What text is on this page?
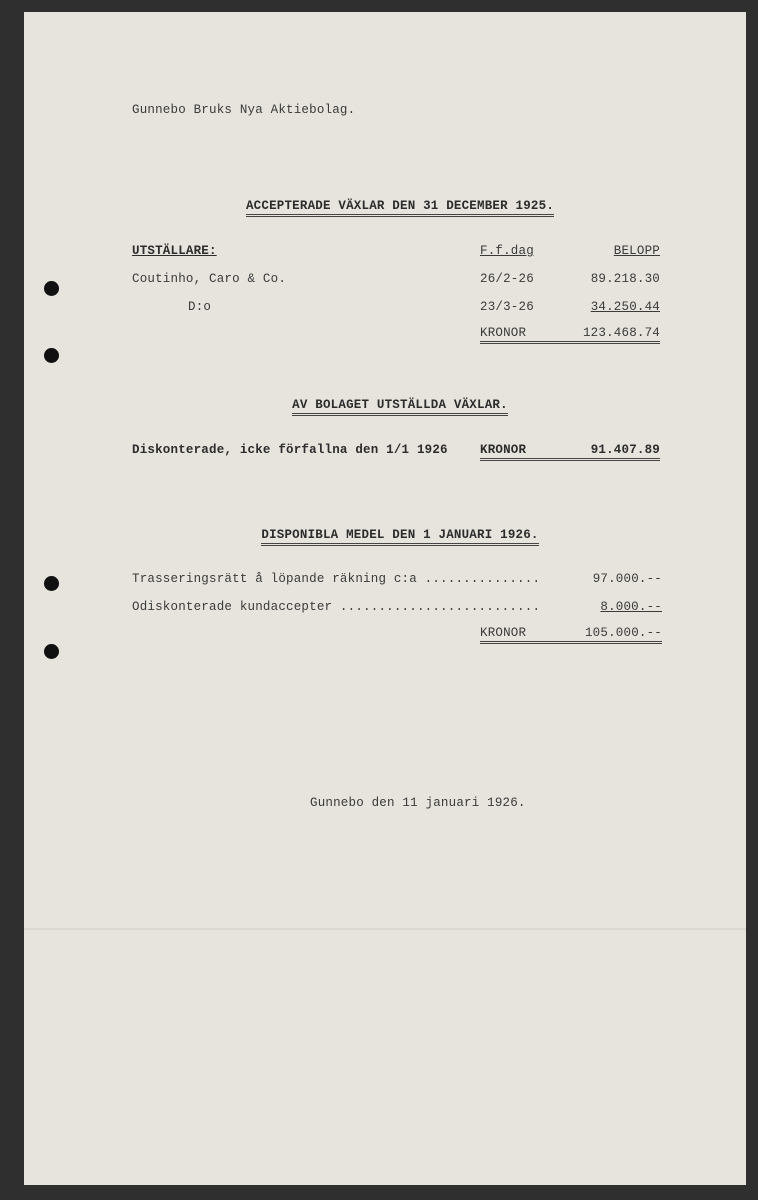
Gunnebo Bruks Nya Aktiebolag.
ACCEPTERADE VÄXLAR DEN 31 DECEMBER 1925.
UTSTÄLLARE:	F.f.dag	BELOPP
Coutinho, Caro & Co.	26/2-26	89.218.30
D:o	23/3-26	34.250.44
KRONOR	123.468.74
AV BOLAGET UTSTÄLLDA VÄXLAR.
Diskonterade, icke förfallna den 1/1 1926	KRONOR	91.407.89
DISPONIBLA MEDEL DEN 1 JANUARI 1926.
Trasseringsrätt å löpande räkning c:a ...............	97.000.--
Odiskonterade kundaccepter ..........................	8.000.--
KRONOR	105.000.--
Gunnebo den 11 januari 1926.
